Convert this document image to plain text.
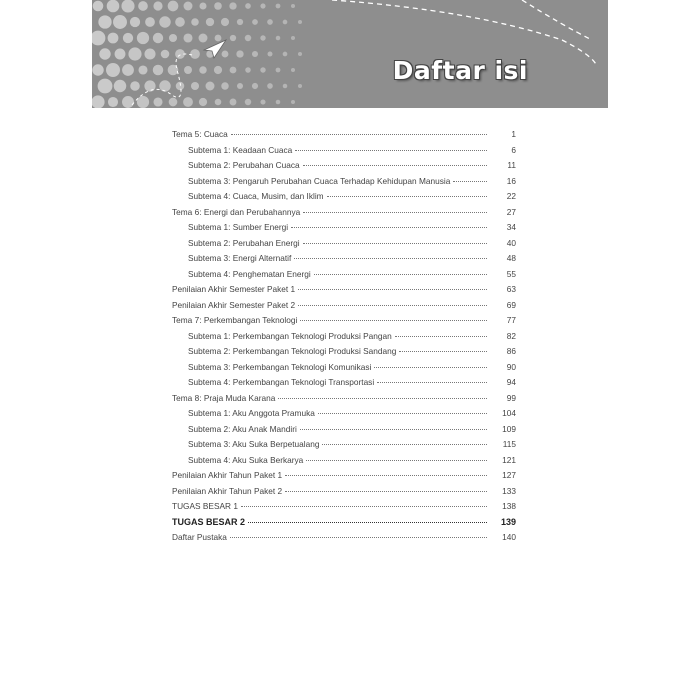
Daftar isi
Tema 5: Cuaca	1
Subtema 1: Keadaan Cuaca	6
Subtema 2: Perubahan Cuaca	11
Subtema 3: Pengaruh Perubahan Cuaca Terhadap Kehidupan Manusia	16
Subtema 4: Cuaca, Musim, dan Iklim	22
Tema 6: Energi dan Perubahannya	27
Subtema 1: Sumber Energi	34
Subtema 2: Perubahan Energi	40
Subtema 3: Energi Alternatif	48
Subtema 4: Penghematan Energi	55
Penilaian Akhir Semester Paket 1	63
Penilaian Akhir Semester Paket 2	69
Tema 7: Perkembangan Teknologi	77
Subtema 1: Perkembangan Teknologi Produksi Pangan	82
Subtema 2: Perkembangan Teknologi Produksi Sandang	86
Subtema 3: Perkembangan Teknologi Komunikasi	90
Subtema 4: Perkembangan Teknologi Transportasi	94
Tema 8: Praja Muda Karana	99
Subtema 1: Aku Anggota Pramuka	104
Subtema 2: Aku Anak Mandiri	109
Subtema 3: Aku Suka Berpetualang	115
Subtema 4: Aku Suka Berkarya	121
Penilaian Akhir Tahun Paket 1	127
Penilaian Akhir Tahun Paket 2	133
TUGAS BESAR 1	138
TUGAS BESAR 2	139
Daftar Pustaka	140
